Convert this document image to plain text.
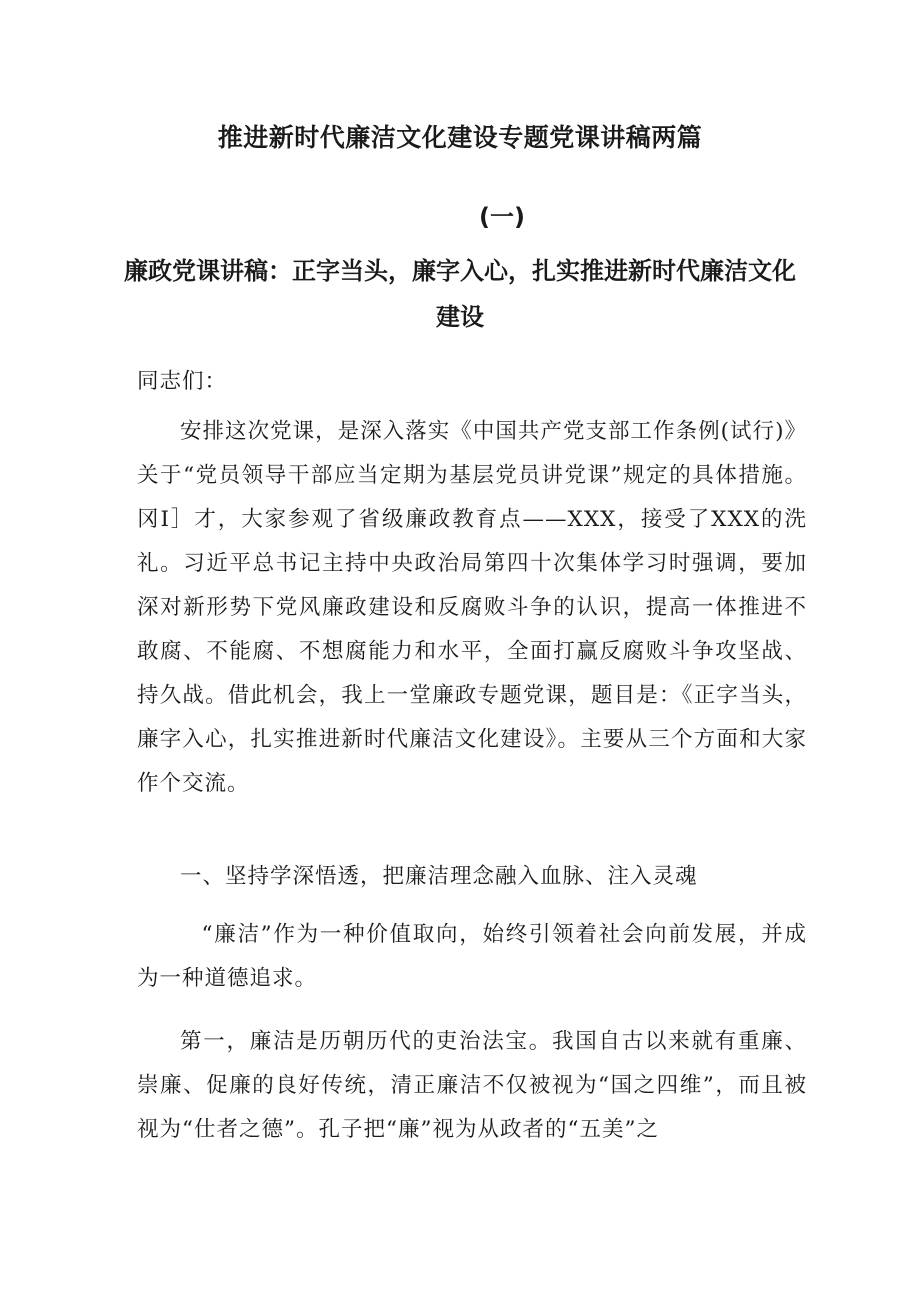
推进新时代廉洁文化建设专题党课讲稿两篇
(一)
廉政党课讲稿：正字当头，廉字入心，扎实推进新时代廉洁文化建设
同志们：
安排这次党课，是深入落实《中国共产党支部工作条例(试行)》关于“党员领导干部应当定期为基层党员讲党课”规定的具体措施。冈I］才，大家参观了省级廉政教育点——XXX，接受了XXX的洗礼。习近平总书记主持中央政治局第四十次集体学习时强调，要加深对新形势下党风廉政建设和反腐败斗争的认识，提高一体推进不敢腐、不能腐、不想腐能力和水平，全面打赢反腐败斗争攻坚战、持久战。借此机会，我上一堂廉政专题党课，题目是：《正字当头，廉字入心，扎实推进新时代廉洁文化建设》。主要从三个方面和大家作个交流。
一、坚持学深悟透，把廉洁理念融入血脉、注入灵魂
“廉洁”作为一种价值取向，始终引领着社会向前发展，并成为一种道德追求。
第一，廉洁是历朝历代的吏治法宝。我国自古以来就有重廉、崇廉、促廉的良好传统，清正廉洁不仅被视为“国之四维”，而且被视为“仕者之德”。孔子把“廉”视为从政者的“五美”之
